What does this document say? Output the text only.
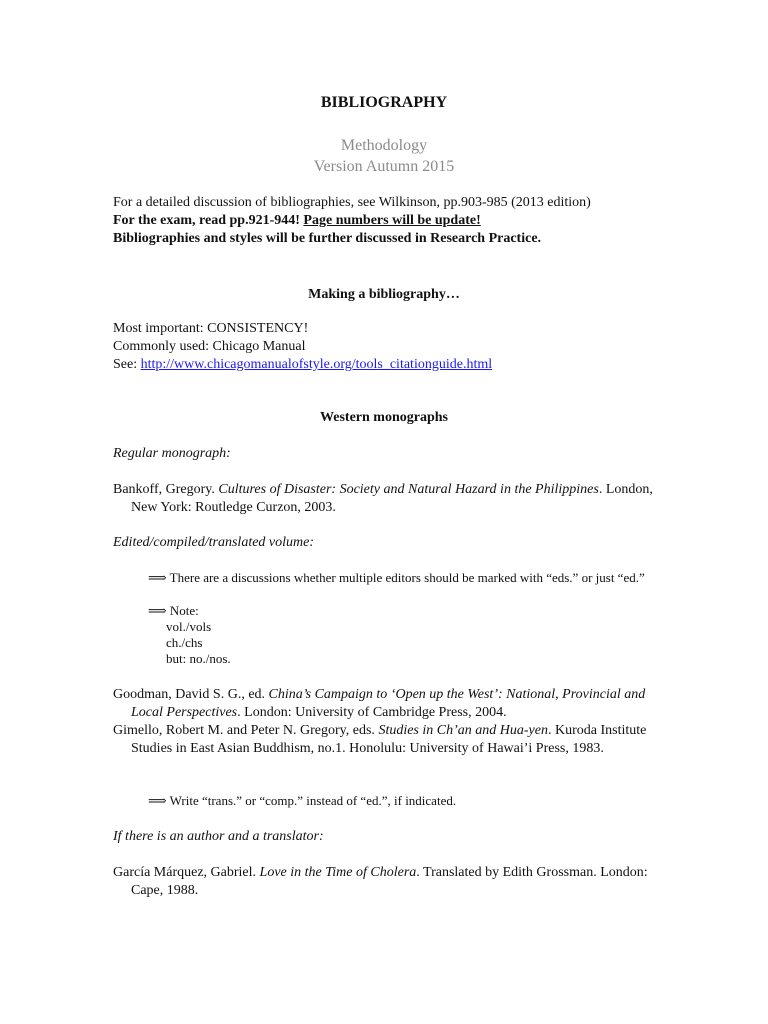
BIBLIOGRAPHY
Methodology
Version Autumn 2015
For a detailed discussion of bibliographies, see Wilkinson, pp.903-985 (2013 edition)
For the exam, read pp.921-944! Page numbers will be update!
Bibliographies and styles will be further discussed in Research Practice.
Making a bibliography…
Most important: CONSISTENCY!
Commonly used: Chicago Manual
See: http://www.chicagomanualofstyle.org/tools_citationguide.html
Western monographs
Regular monograph:
Bankoff, Gregory. Cultures of Disaster: Society and Natural Hazard in the Philippines. London, New York: Routledge Curzon, 2003.
Edited/compiled/translated volume:
⟹ There are a discussions whether multiple editors should be marked with “eds.” or just “ed.”
⟹ Note:
vol./vols
ch./chs
but: no./nos.
Goodman, David S. G., ed. China’s Campaign to ‘Open up the West’: National, Provincial and Local Perspectives. London: University of Cambridge Press, 2004.
Gimello, Robert M. and Peter N. Gregory, eds. Studies in Ch’an and Hua-yen. Kuroda Institute Studies in East Asian Buddhism, no.1. Honolulu: University of Hawai’i Press, 1983.
⟹ Write “trans.” or “comp.” instead of “ed.”, if indicated.
If there is an author and a translator:
García Márquez, Gabriel. Love in the Time of Cholera. Translated by Edith Grossman. London: Cape, 1988.
